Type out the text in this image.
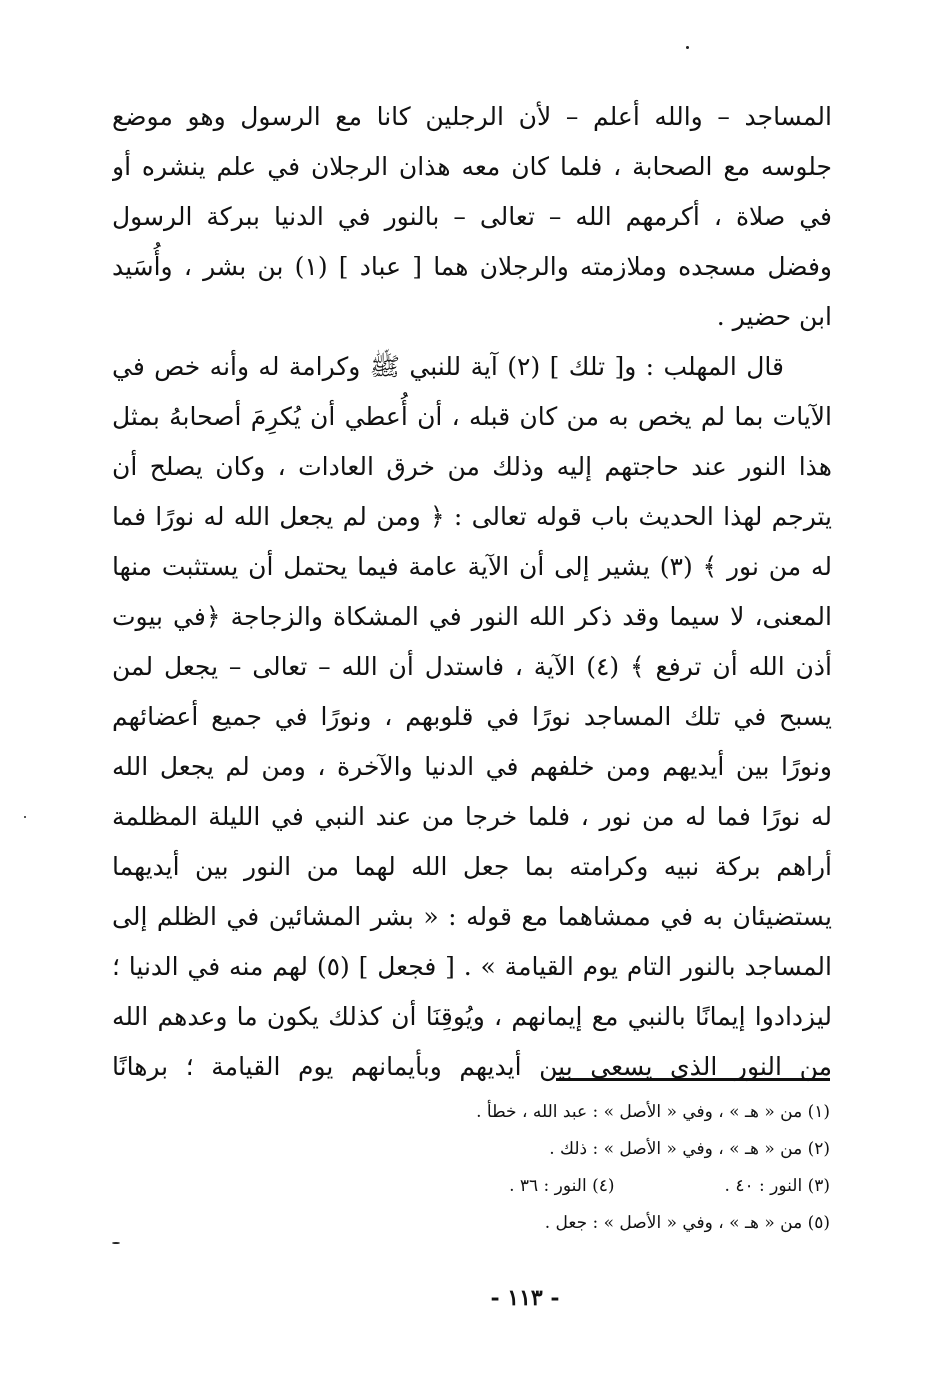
المساجد – والله أعلم – لأن الرجلين كانا مع الرسول وهو موضع
جلوسه مع الصحابة ، فلما كان معه هذان الرجلان في علم ينشره أو
في صلاة ، أكرمهم الله – تعالى – بالنور في الدنيا ببركة الرسول
وفضل مسجده وملازمته والرجلان هما [ عباد ] (١) بن بشر ، وأُسَيد
ابن حضير .
قال المهلب : و[ تلك ] (٢) آية للنبي ﷺ وكرامة له وأنه خص في
الآيات بما لم يخص به من كان قبله ، أن أُعطي أن يُكرِمَ أصحابهُ بمثل
هذا النور عند حاجتهم إليه وذلك من خرق العادات ، وكان يصلح أن
يترجم لهذا الحديث باب قوله تعالى : ﴿ ومن لم يجعل الله له نورًا فما
له من نور ﴾ (٣) يشير إلى أن الآية عامة فيما يحتمل أن يستثبت منها
المعنى، لا سيما وقد ذكر الله النور في المشكاة والزجاجة ﴿في بيوت
أذن الله أن ترفع ﴾ (٤) الآية ، فاستدل أن الله – تعالى – يجعل لمن
يسبح في تلك المساجد نورًا في قلوبهم ، ونورًا في جميع أعضائهم
ونورًا بين أيديهم ومن خلفهم في الدنيا والآخرة ، ومن لم يجعل الله
له نورًا فما له من نور ، فلما خرجا من عند النبي في الليلة المظلمة
أراهم بركة نبيه وكرامته بما جعل الله لهما من النور بين أيديهما
يستضيئان به في ممشاهما مع قوله : « بشر المشائين في الظلم إلى
المساجد بالنور التام يوم القيامة » . [ فجعل ] (٥) لهم منه في الدنيا ؛
ليزدادوا إيمانًا بالنبي مع إيمانهم ، ويُوقِنَا أن كذلك يكون ما وعدهم الله
من النور الذي يسعى بين أيديهم وبأيمانهم يوم القيامة ؛ برهانًا
(١) من « هـ » ، وفي « الأصل » : عبد الله ، خطأ .
(٢) من « هـ » ، وفي « الأصل » : ذلك .
(٣) النور : ٤٠ .
(٤) النور : ٣٦ .
(٥) من « هـ » ، وفي « الأصل » : جعل .
- ١١٣ -
